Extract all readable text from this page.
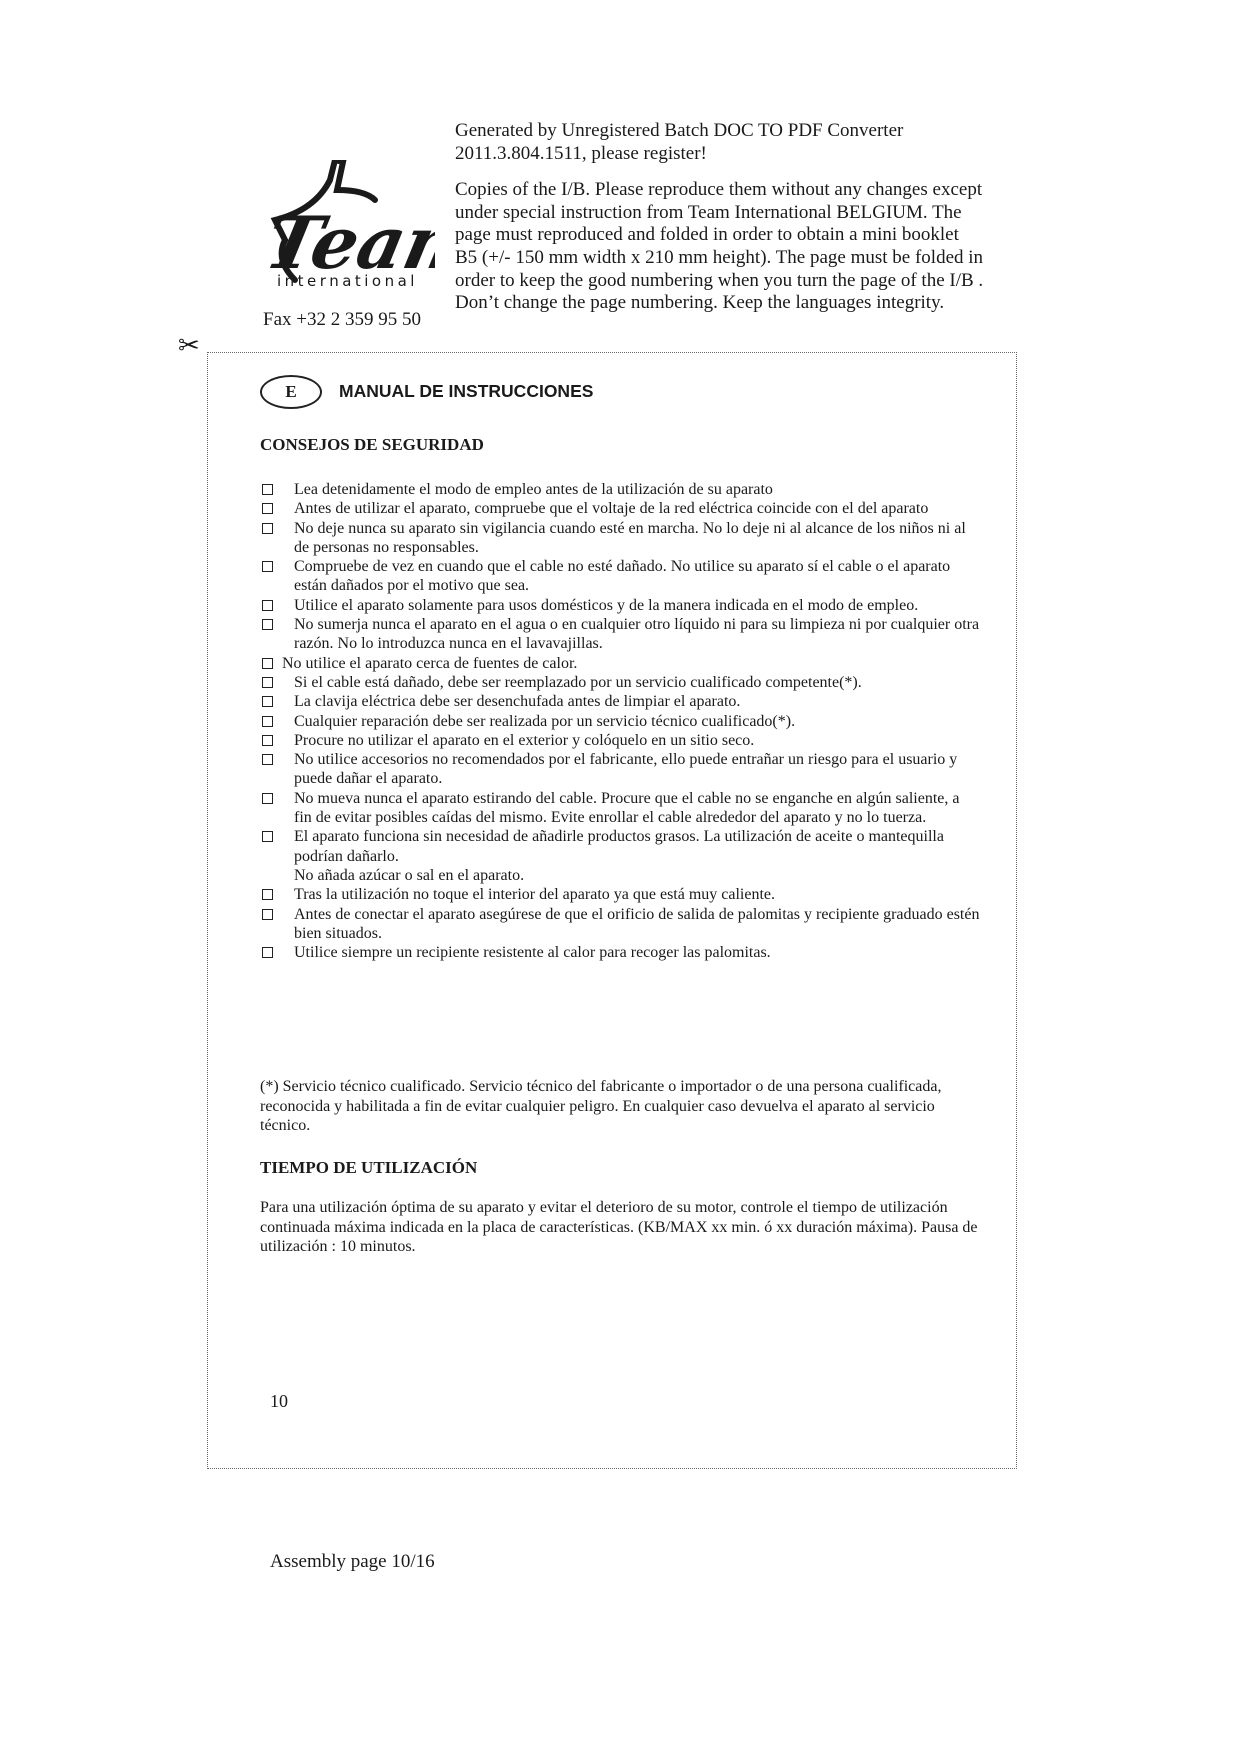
Team
international
Fax +32 2 359 95 50

Generated by Unregistered Batch DOC TO PDF Converter 2011.3.804.1511, please register!

Copies of the I/B. Please reproduce them without any changes except under special instruction from Team International BELGIUM. The page must reproduced and folded in order to obtain a mini booklet B5 (+/- 150 mm width x 210 mm height). The page must be folded in order to keep the good numbering when you turn the page of the I/B . Don’t change the page numbering. Keep the languages integrity.

✂
E	MANUAL DE INSTRUCCIONES
CONSEJOS DE SEGURIDAD
Lea detenidamente el modo de empleo antes de la utilización de su aparato
Antes de utilizar el aparato, compruebe que el voltaje de la red eléctrica coincide con el del aparato
No deje nunca su aparato sin vigilancia cuando esté en marcha. No lo deje ni al alcance de los niños ni al de personas no responsables.
Compruebe de vez en cuando que el cable no esté dañado. No utilice su aparato sí el cable o el aparato están dañados por el motivo que sea.
Utilice el aparato solamente para usos domésticos y de la manera indicada en el modo de empleo.
No sumerja nunca el aparato en el agua o en cualquier otro líquido ni para su limpieza ni por cualquier otra razón. No lo introduzca nunca en el lavavajillas.
No utilice el aparato cerca de fuentes de calor.
Si el cable está dañado, debe ser reemplazado por un servicio cualificado competente(*).
La clavija eléctrica debe ser desenchufada antes de limpiar el aparato.
Cualquier reparación debe ser realizada por un servicio técnico cualificado(*).
Procure no utilizar el aparato en el exterior y colóquelo en un sitio seco.
No utilice accesorios no recomendados por el fabricante, ello puede entrañar un riesgo para el usuario y puede dañar el aparato.
No mueva nunca el aparato estirando del cable. Procure que el cable no se enganche en algún saliente, a fin de evitar posibles caídas del mismo. Evite enrollar el cable alrededor del aparato y no lo tuerza.
El aparato funciona sin necesidad de añadirle productos grasos. La utilización de aceite o mantequilla podrían dañarlo.
No añada azúcar o sal en el aparato.
Tras la utilización no toque el interior del aparato ya que está muy caliente.
Antes de conectar el aparato asegúrese de que el orificio de salida de palomitas y recipiente graduado estén bien situados.
Utilice siempre un recipiente resistente al calor para recoger las palomitas.

(*) Servicio técnico cualificado. Servicio técnico del fabricante o importador o de una persona cualificada, reconocida y habilitada a fin de evitar cualquier peligro. En cualquier caso devuelva el aparato al servicio técnico.

TIEMPO DE UTILIZACIÓN

Para una utilización óptima de su aparato y evitar el deterioro de su motor, controle el tiempo de utilización continuada máxima indicada en la placa de características. (KB/MAX xx min. ó xx duración máxima). Pausa de utilización : 10 minutos.

10
Assembly page 10/16
